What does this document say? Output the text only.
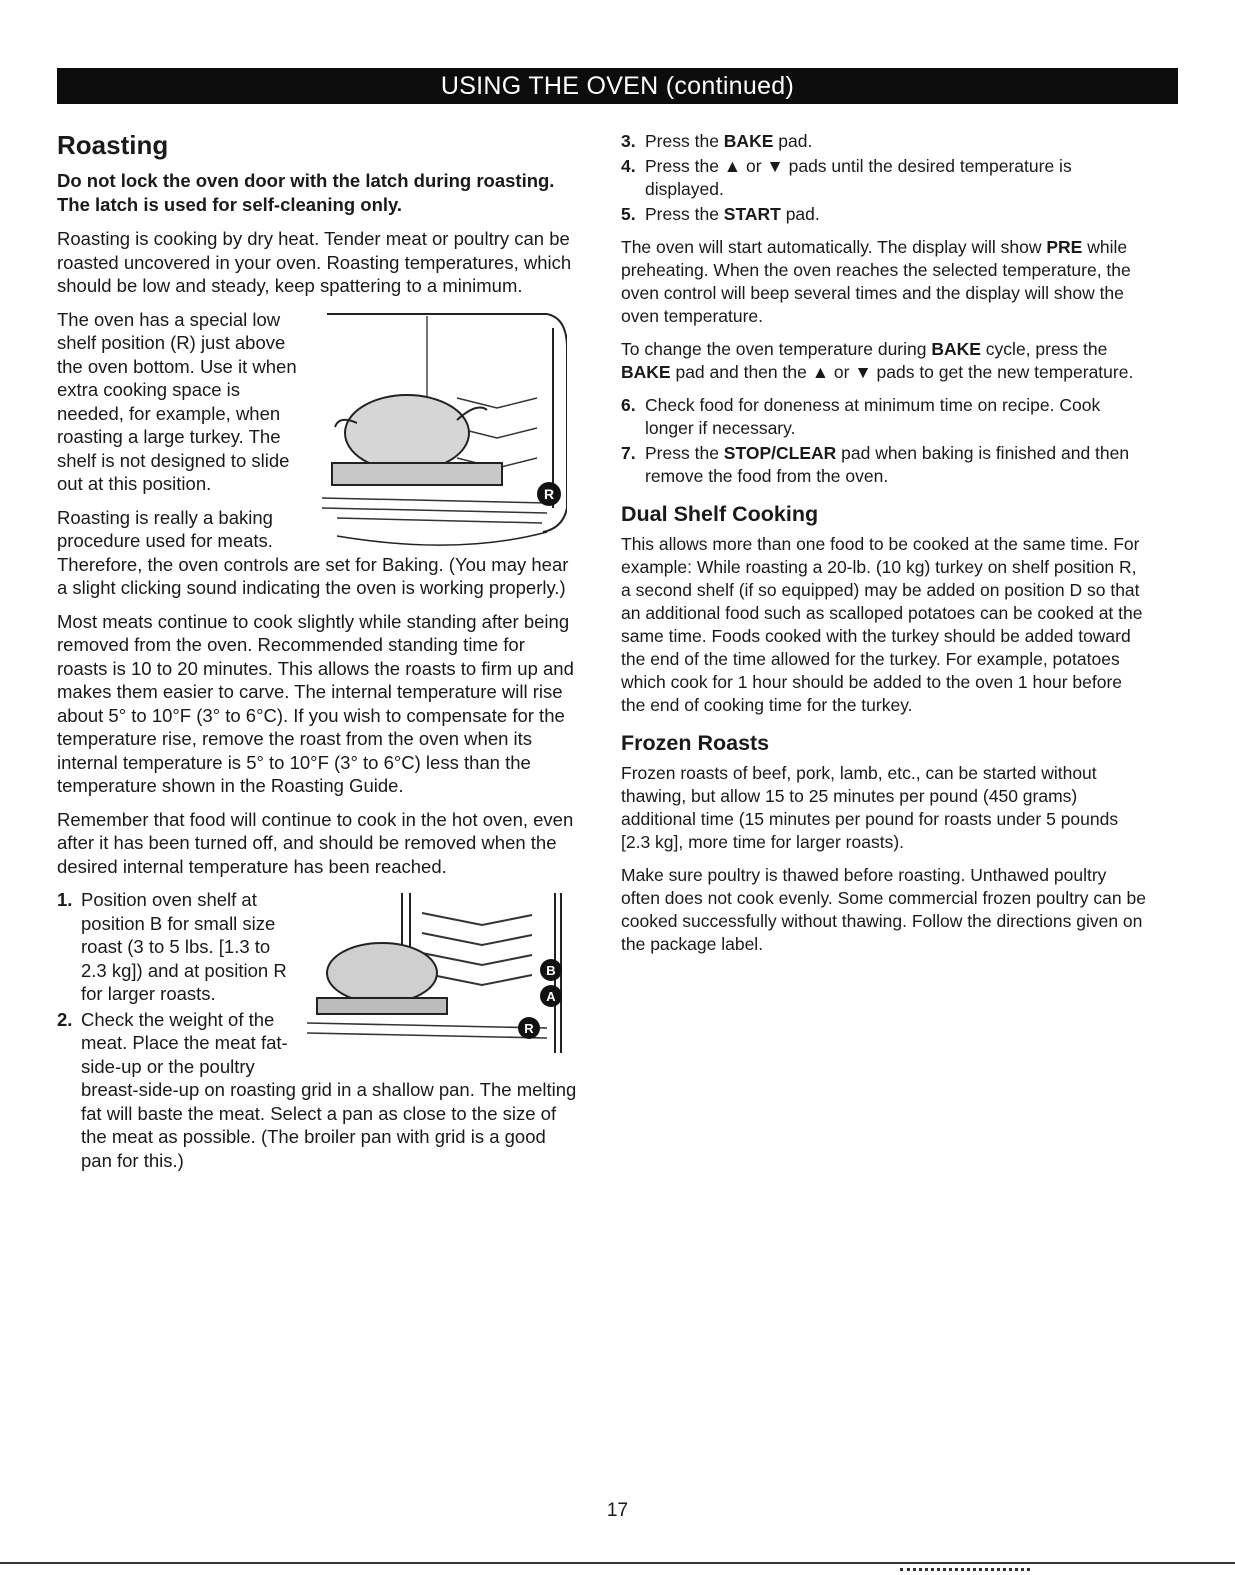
USING THE OVEN (continued)
Roasting
Do not lock the oven door with the latch during roasting. The latch is used for self-cleaning only.

Roasting is cooking by dry heat. Tender meat or poultry can be roasted uncovered in your oven. Roasting temperatures, which should be low and steady, keep spattering to a minimum.

R

The oven has a special low shelf position (R) just above the oven bottom. Use it when extra cooking space is needed, for example, when roasting a large turkey. The shelf is not designed to slide out at this position.

Roasting is really a baking procedure used for meats. Therefore, the oven controls are set for Baking. (You may hear a slight clicking sound indicating the oven is working properly.)

Most meats continue to cook slightly while standing after being removed from the oven. Recommended standing time for roasts is 10 to 20 minutes. This allows the roasts to firm up and makes them easier to carve. The internal temperature will rise about 5° to 10°F (3° to 6°C). If you wish to compensate for the temperature rise, remove the roast from the oven when its internal temperature is 5° to 10°F (3° to 6°C) less than the temperature shown in the Roasting Guide.

Remember that food will continue to cook in the hot oven, even after it has been turned off, and should be removed when the desired internal temperature has been reached.

B
A
R
1. Position oven shelf at position B for small size roast (3 to 5 lbs. [1.3 to 2.3 kg]) and at position R for larger roasts.
2. Check the weight of the meat. Place the meat fat-side-up or the poultry breast-side-up on roasting grid in a shallow pan. The melting fat will baste the meat. Select a pan as close to the size of the meat as possible. (The broiler pan with grid is a good pan for this.)
3. Press the BAKE pad.
4. Press the ▲ or ▼ pads until the desired temperature is displayed.
5. Press the START pad.

The oven will start automatically. The display will show PRE while preheating. When the oven reaches the selected temperature, the oven control will beep several times and the display will show the oven temperature.

To change the oven temperature during BAKE cycle, press the BAKE pad and then the ▲ or ▼ pads to get the new temperature.

6. Check food for doneness at minimum time on recipe. Cook longer if necessary.
7. Press the STOP/CLEAR pad when baking is finished and then remove the food from the oven.
Dual Shelf Cooking

This allows more than one food to be cooked at the same time. For example: While roasting a 20-lb. (10 kg) turkey on shelf position R, a second shelf (if so equipped) may be added on position D so that an additional food such as scalloped potatoes can be cooked at the same time. Foods cooked with the turkey should be added toward the end of the time allowed for the turkey. For example, potatoes which cook for 1 hour should be added to the oven 1 hour before the end of cooking time for the turkey.

Frozen Roasts

Frozen roasts of beef, pork, lamb, etc., can be started without thawing, but allow 15 to 25 minutes per pound (450 grams) additional time (15 minutes per pound for roasts under 5 pounds [2.3 kg], more time for larger roasts).

Make sure poultry is thawed before roasting. Unthawed poultry often does not cook evenly. Some commercial frozen poultry can be cooked successfully without thawing. Follow the directions given on the package label.

17
